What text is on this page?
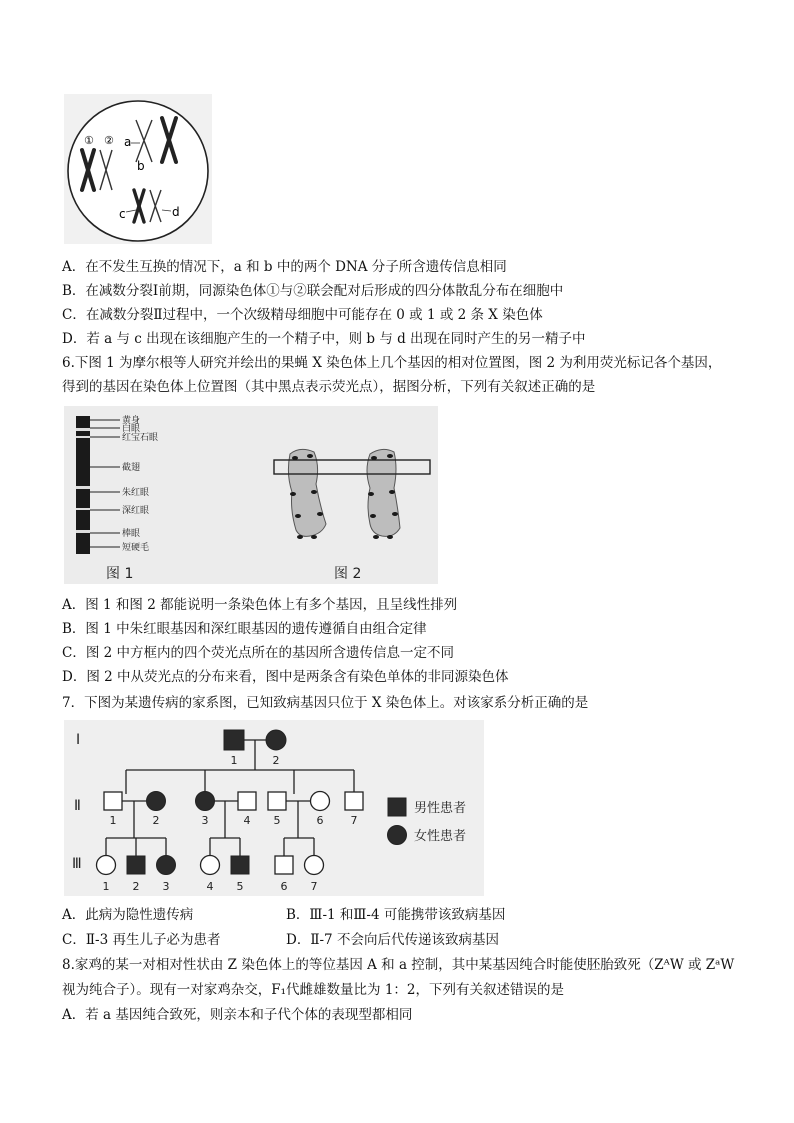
① ② a
b
c	d
A．在不发生互换的情况下，a 和 b 中的两个 DNA 分子所含遗传信息相同
B．在减数分裂Ⅰ前期，同源染色体①与②联会配对后形成的四分体散乱分布在细胞中
C．在减数分裂Ⅱ过程中，一个次级精母细胞中可能存在 0 或 1 或 2 条 X 染色体
D．若 a 与 c 出现在该细胞产生的一个精子中，则 b 与 d 出现在同时产生的另一精子中
6.下图 1 为摩尔根等人研究并绘出的果蝇 X 染色体上几个基因的相对位置图，图 2 为利用荧光标记各个基因，
得到的基因在染色体上位置图（其中黑点表示荧光点），据图分析，下列有关叙述正确的是
黄身
白眼
红宝石眼
截翅
朱红眼
深红眼
棒眼
短硬毛
图 1	图 2
A．图 1 和图 2 都能说明一条染色体上有多个基因，且呈线性排列
B．图 1 中朱红眼基因和深红眼基因的遗传遵循自由组合定律
C．图 2 中方框内的四个荧光点所在的基因所含遗传信息一定不同
D．图 2 中从荧光点的分布来看，图中是两条含有染色单体的非同源染色体
7．下图为某遗传病的家系图，已知致病基因只位于 X 染色体上。对该家系分析正确的是
Ⅰ
Ⅱ
Ⅲ
1	2
1	2	3	4 5	6 7
1 2 3	4 5	6 7
男性患者
女性患者
A．此病为隐性遗传病	B．Ⅲ-1 和Ⅲ-4 可能携带该致病基因
C．Ⅱ-3 再生儿子必为患者	D．Ⅱ-7 不会向后代传递该致病基因
8.家鸡的某一对相对性状由 Z 染色体上的等位基因 A 和 a 控制，其中某基因纯合时能使胚胎致死（ZᴬW 或 ZᵃW
视为纯合子）。现有一对家鸡杂交，F₁代雌雄数量比为 1：2，下列有关叙述错误的是
A．若 a 基因纯合致死，则亲本和子代个体的表现型都相同
